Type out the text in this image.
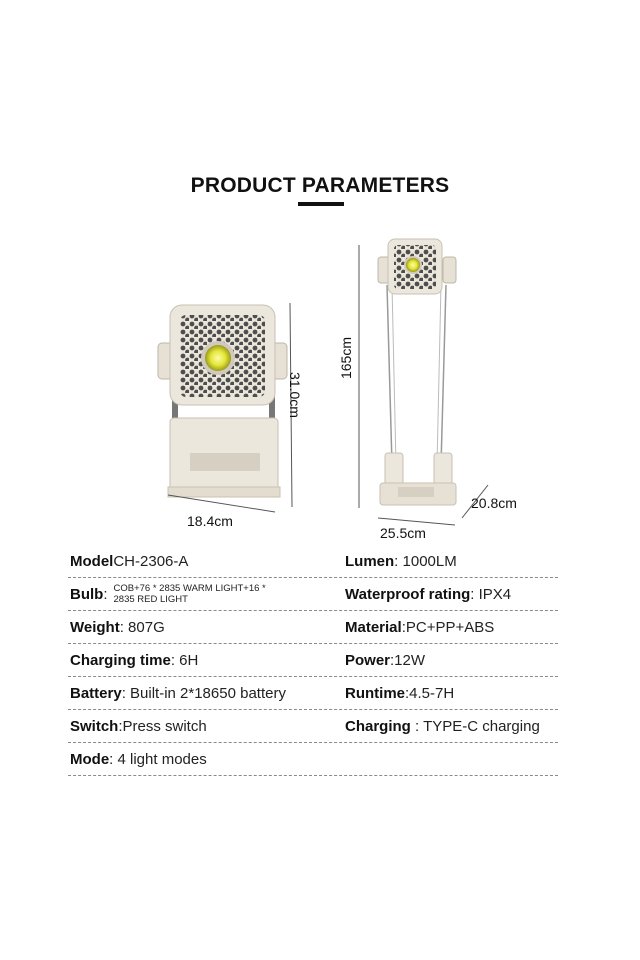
PRODUCT PARAMETERS
31.0cm
18.4cm
165cm
25.5cm
20.8cm
Model CH-2306-A	Lumen : 1000LM
Bulb : COB+76 * 2835 WARM LIGHT+16 *
2835 RED LIGHT	Waterproof rating : IPX4
Weight : 807G	Material :PC+PP+ABS
Charging time : 6H	Power :12W
Battery : Built-in 2*18650 battery	Runtime :4.5-7H
Switch :Press switch	Charging : TYPE-C charging
Mode : 4 light modes
